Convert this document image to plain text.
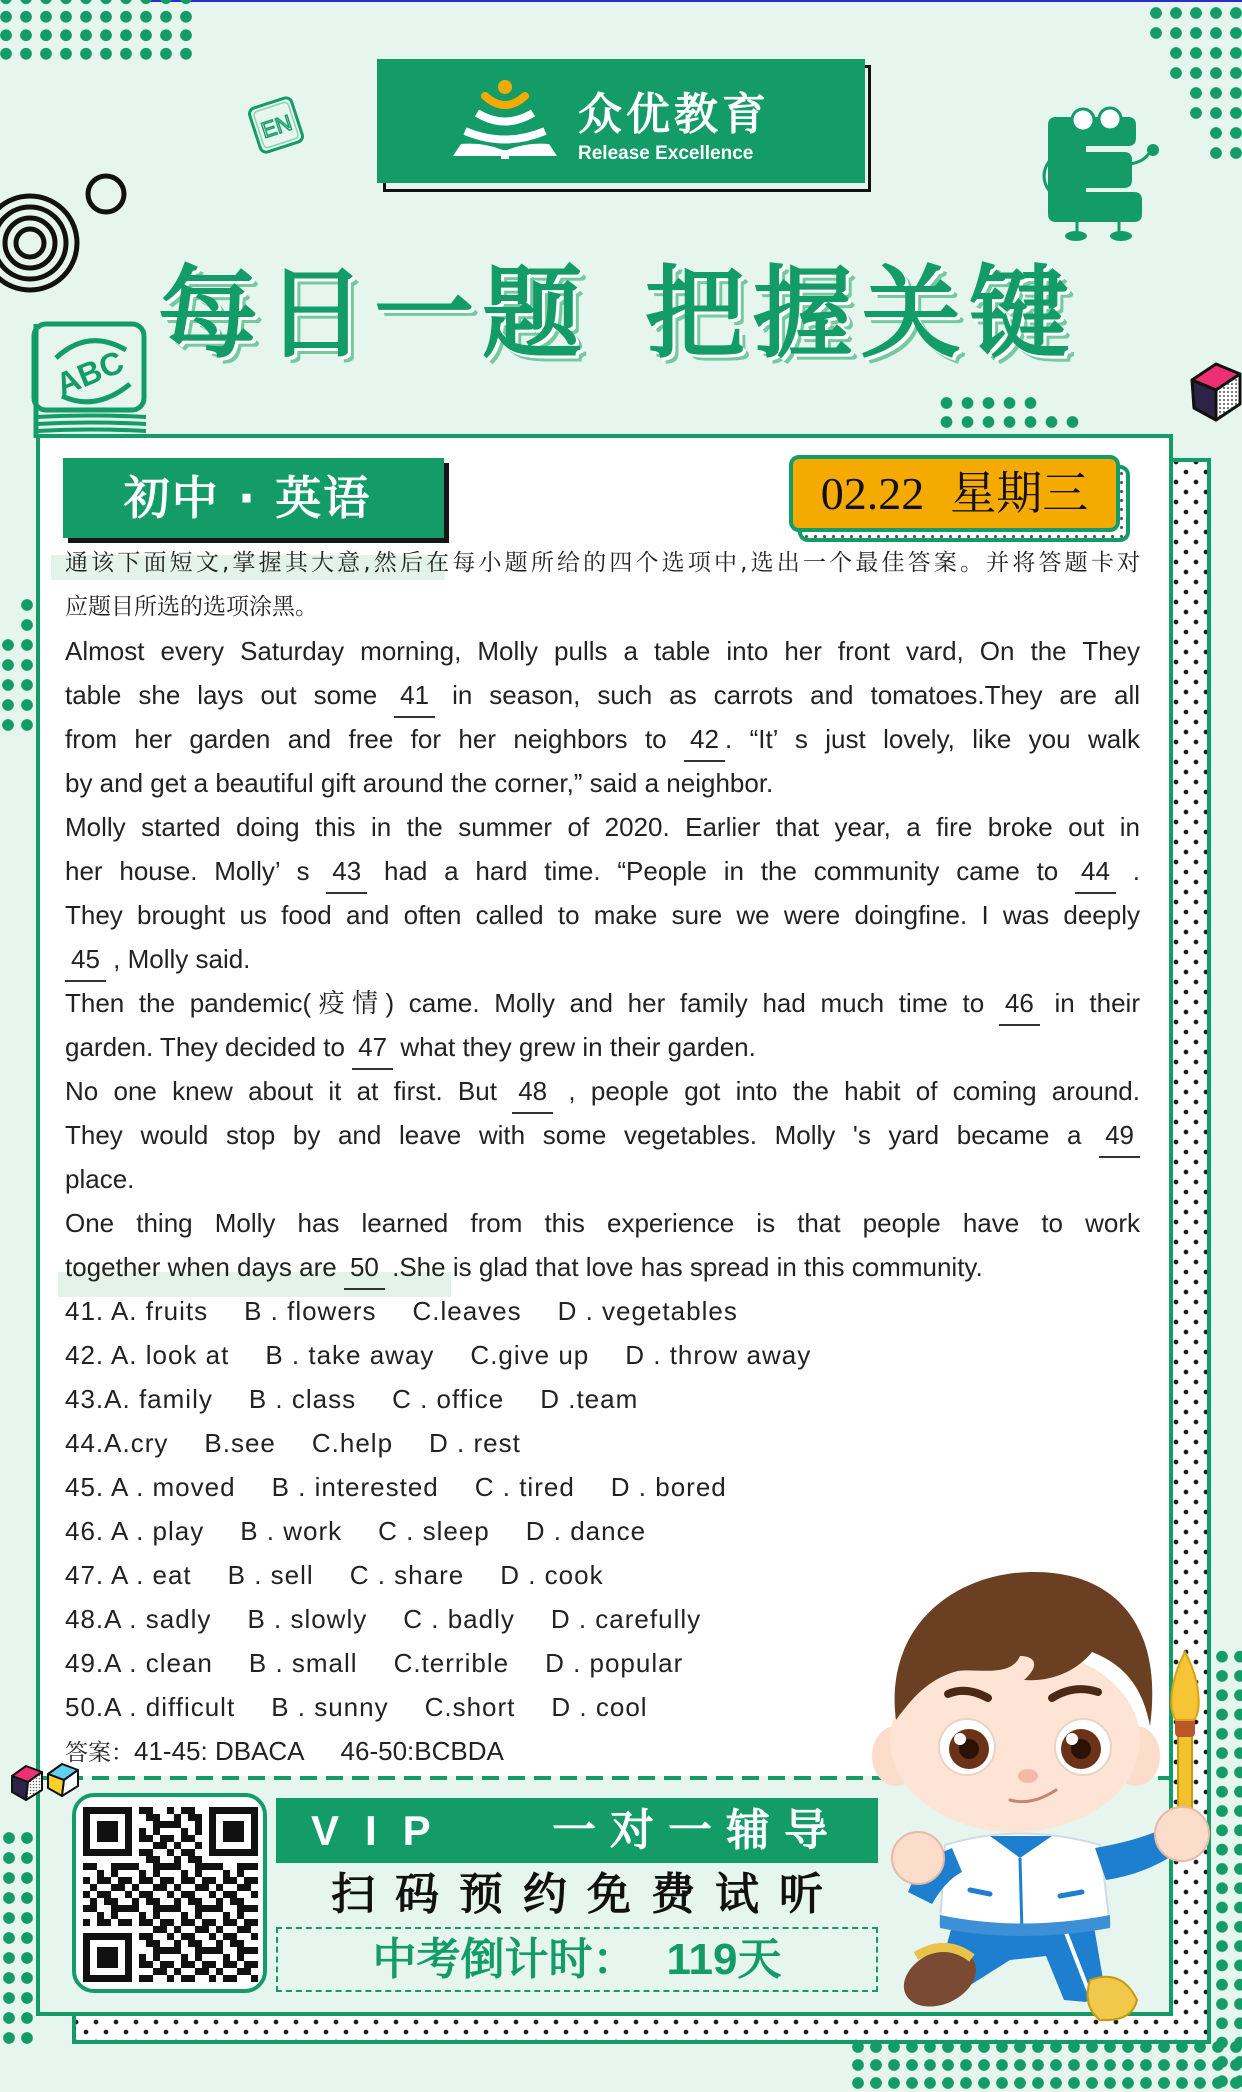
EN	众优教育
Release Excellence
每日一题 把握关键
ABC
初中 · 英语	02.22 星期三
通该下面短文,掌握其大意,然后在每小题所给的四个选项中,选出一个最佳答案。并将答题卡对
应题目所选的选项涂黑。
Almost every Saturday morning, Molly pulls a table into her front vard, On the They
table she lays out some 41 in season, such as carrots and tomatoes.They are all
from her garden and free for her neighbors to 42 . “It’ s just lovely, like you walk
by and get a beautiful gift around the corner,” said a neighbor.
Molly started doing this in the summer of 2020. Earlier that year, a fire broke out in
her house. Molly’ s 43 had a hard time. “People in the community came to 44 .
They brought us food and often called to make sure we were doingfine. I was deeply
45 , Molly said.
Then the pandemic(疫情) came. Molly and her family had much time to 46 in their
garden. They decided to 47 what they grew in their garden.
No one knew about it at first. But 48 , people got into the habit of coming around.
They would stop by and leave with some vegetables. Molly 's yard became a 49
place.
One thing Molly has learned from this experience is that people have to work
together when days are 50 .She is glad that love has spread in this community.
41. A. fruits B . flowers C.leaves D . vegetables
42. A. look at B . take away C.give up D . throw away
43.A. family B . class C . office D .team
44.A.cry B.see C.help D . rest
45. A . moved B . interested C . tired D . bored
46. A . play B . work C . sleep D . dance
47. A . eat B . sell C . share D . cook
48.A . sadly B . slowly C . badly D . carefully
49.A . clean B . small C.terrible D . popular
50.A . difficult B . sunny C.short D . cool
答案：41-45: DBACA 46-50:BCBDA
VIP 一对一辅导
扫码预约免费试听
中考倒计时： 119天
